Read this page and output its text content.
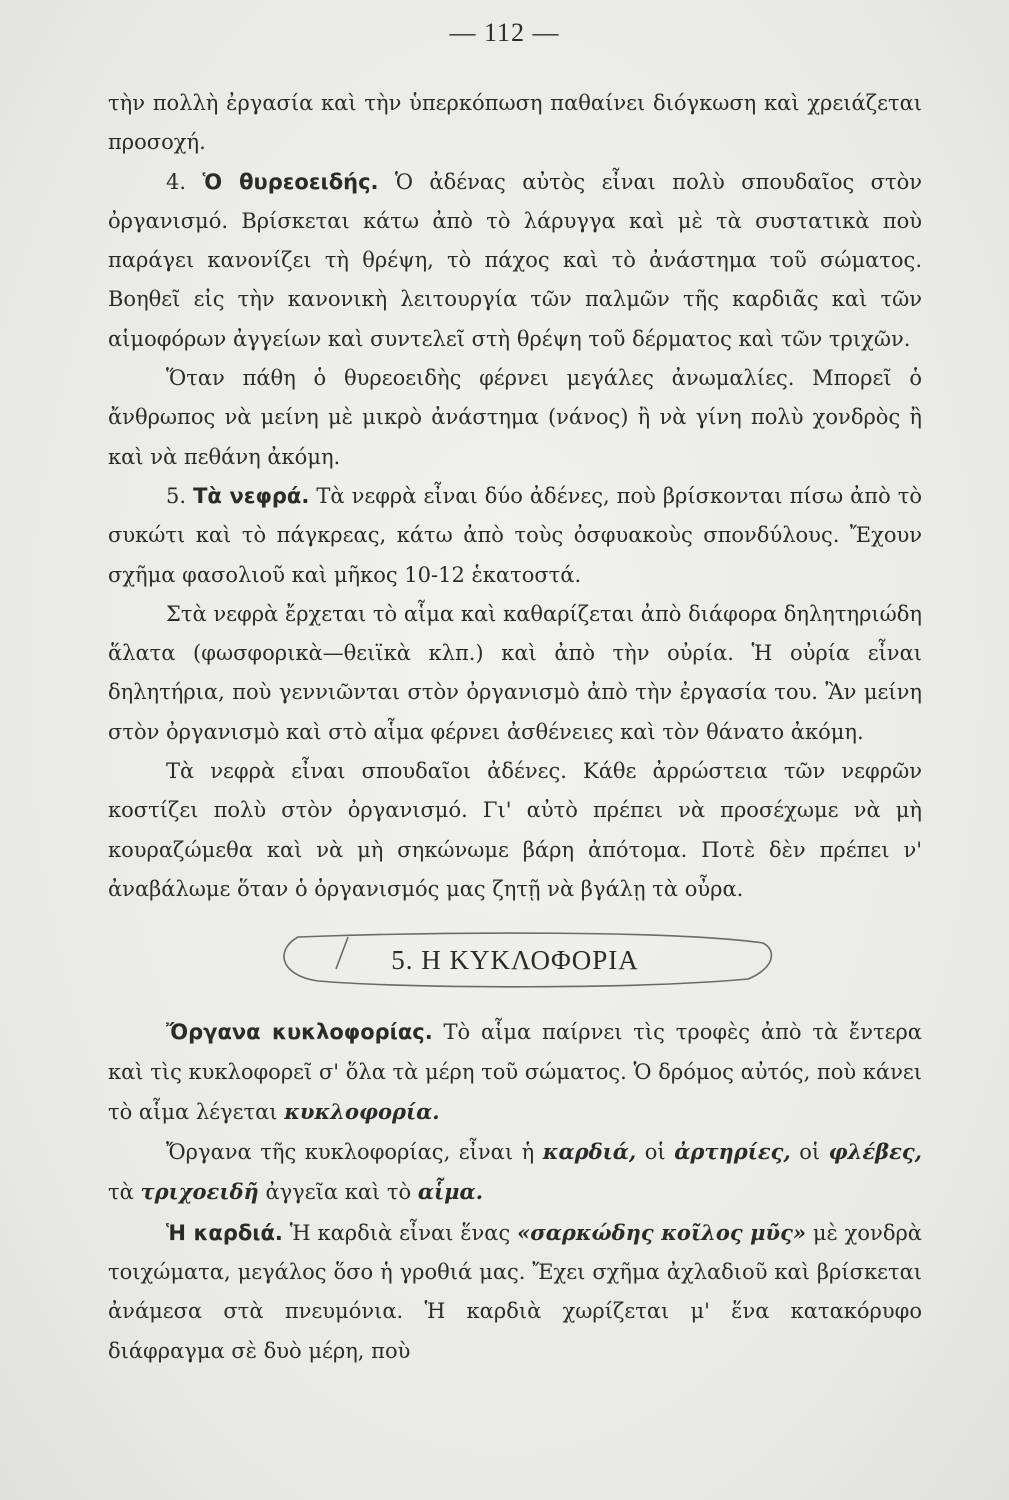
— 112 —

τὴν πολλὴ ἐργασία καὶ τὴν ὑπερκόπωση παθαίνει διόγκωση καὶ χρειάζεται προσοχή.

4. Ὁ θυρεοειδής. Ὁ ἀδένας αὐτὸς εἶναι πολὺ σπουδαῖος στὸν ὀργανισμό. Βρίσκεται κάτω ἀπὸ τὸ λάρυγγα καὶ μὲ τὰ συστατικὰ ποὺ παράγει κανονίζει τὴ θρέψη, τὸ πάχος καὶ τὸ ἀνάστημα τοῦ σώματος. Βοηθεῖ εἰς τὴν κανονικὴ λειτουργία τῶν παλμῶν τῆς καρδιᾶς καὶ τῶν αἱμοφόρων ἀγγείων καὶ συντελεῖ στὴ θρέψη τοῦ δέρματος καὶ τῶν τριχῶν.

Ὅταν πάθη ὁ θυρεοειδὴς φέρνει μεγάλες ἀνωμαλίες. Μπορεῖ ὁ ἄνθρωπος νὰ μείνη μὲ μικρὸ ἀνάστημα (νάνος) ἢ νὰ γίνη πολὺ χονδρὸς ἢ καὶ νὰ πεθάνη ἀκόμη.

5. Τὰ νεφρά. Τὰ νεφρὰ εἶναι δύο ἀδένες, ποὺ βρίσκονται πίσω ἀπὸ τὸ συκώτι καὶ τὸ πάγκρεας, κάτω ἀπὸ τοὺς ὀσφυακοὺς σπονδύλους. Ἔχουν σχῆμα φασολιοῦ καὶ μῆκος 10-12 ἑκατοστά.

Στὰ νεφρὰ ἔρχεται τὸ αἷμα καὶ καθαρίζεται ἀπὸ διάφορα δηλητηριώδη ἅλατα (φωσφορικὰ—θειϊκὰ κλπ.) καὶ ἀπὸ τὴν οὐρία. Ἡ οὐρία εἶναι δηλητήρια, ποὺ γεννιῶνται στὸν ὀργανισμὸ ἀπὸ τὴν ἐργασία του. Ἂν μείνη στὸν ὀργανισμὸ καὶ στὸ αἷμα φέρνει ἀσθένειες καὶ τὸν θάνατο ἀκόμη.

Τὰ νεφρὰ εἶναι σπουδαῖοι ἀδένες. Κάθε ἀρρώστεια τῶν νεφρῶν κοστίζει πολὺ στὸν ὀργανισμό. Γι' αὐτὸ πρέπει νὰ προσέχωμε νὰ μὴ κουραζώμεθα καὶ νὰ μὴ σηκώνωμε βάρη ἀπότομα. Ποτὲ δὲν πρέπει ν' ἀναβάλωμε ὅταν ὁ ὀργανισμός μας ζητῇ νὰ βγάλῃ τὰ οὖρα.

5. Η ΚΥΚΛΟΦΟΡΙΑ

Ὄργανα κυκλοφορίας. Τὸ αἷμα παίρνει τὶς τροφὲς ἀπὸ τὰ ἔντερα καὶ τὶς κυκλοφορεῖ σ' ὅλα τὰ μέρη τοῦ σώματος. Ὁ δρόμος αὐτός, ποὺ κάνει τὸ αἷμα λέγεται κυκλοφορία.

Ὄργανα τῆς κυκλοφορίας, εἶναι ἡ καρδιά, οἱ ἀρτηρίες, οἱ φλέβες, τὰ τριχοειδῆ ἀγγεῖα καὶ τὸ αἷμα.

Ἡ καρδιά. Ἡ καρδιὰ εἶναι ἕνας «σαρκώδης κοῖλος μῦς» μὲ χονδρὰ τοιχώματα, μεγάλος ὅσο ἡ γροθιά μας. Ἔχει σχῆμα ἀχλαδιοῦ καὶ βρίσκεται ἀνάμεσα στὰ πνευμόνια. Ἡ καρδιὰ χωρίζεται μ' ἕνα κατακόρυφο διάφραγμα σὲ δυὸ μέρη, ποὺ
